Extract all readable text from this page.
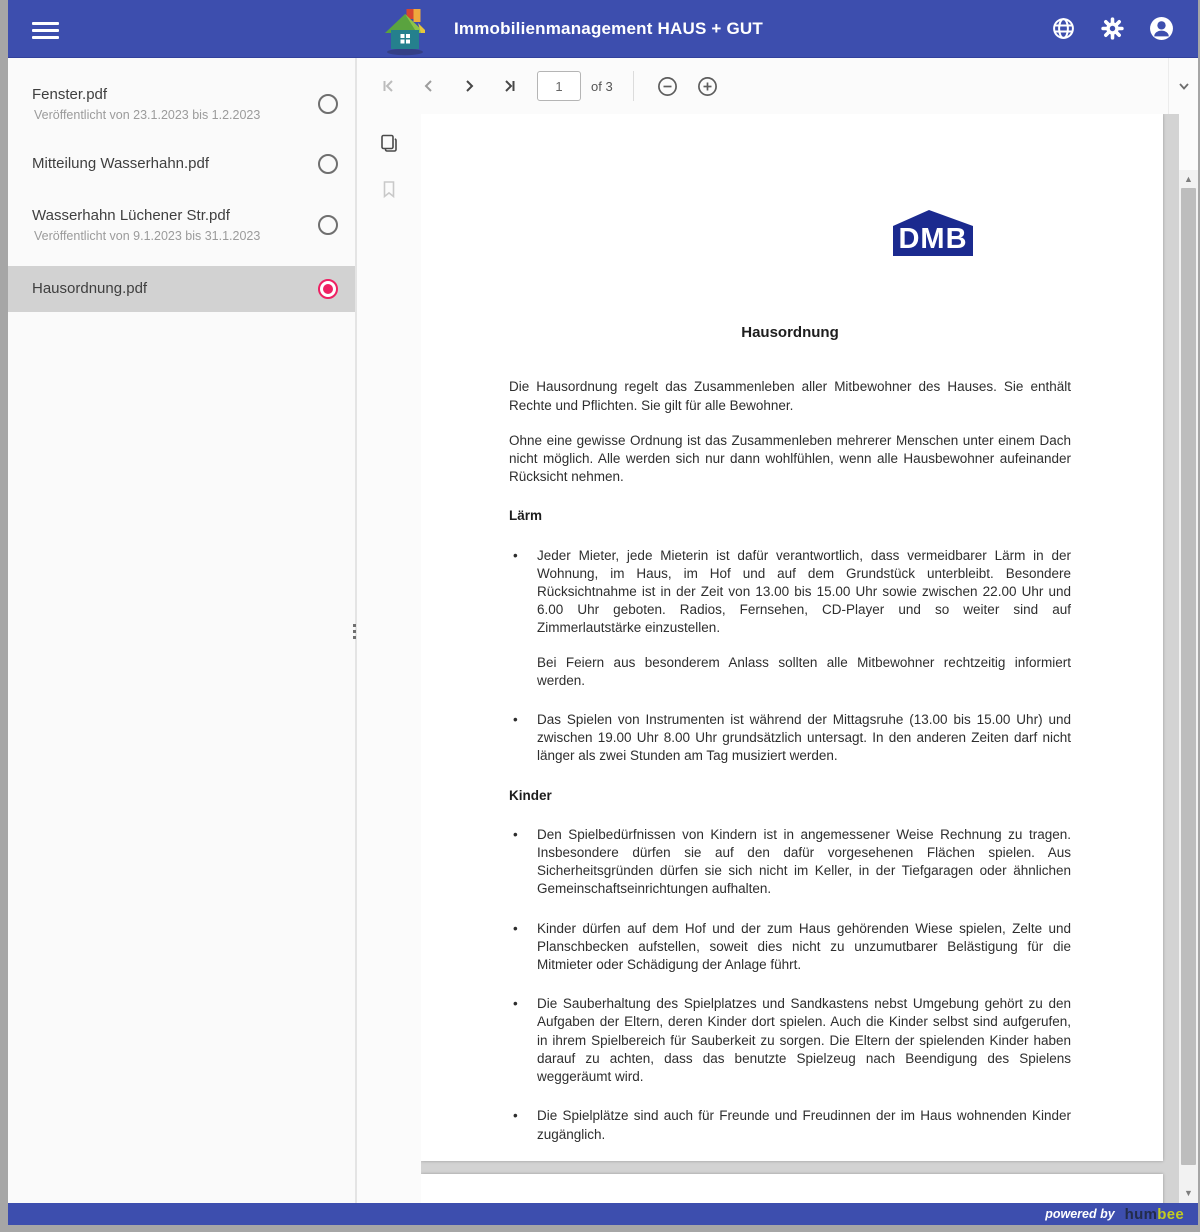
Immobilienmanagement HAUS + GUT
Fenster.pdf
Veröffentlicht von 23.1.2023 bis 1.2.2023
Mitteilung Wasserhahn.pdf
Wasserhahn Lüchener Str.pdf
Veröffentlicht von 9.1.2023 bis 31.1.2023
Hausordnung.pdf
1
of 3
DMB
Hausordnung

Die Hausordnung regelt das Zusammenleben aller Mitbewohner des Hauses. Sie enthält Rechte und Pflichten. Sie gilt für alle Bewohner.

Ohne eine gewisse Ordnung ist das Zusammenleben mehrerer Menschen unter einem Dach nicht möglich. Alle werden sich nur dann wohlfühlen, wenn alle Hausbewohner aufeinander Rücksicht nehmen.

Lärm
• Jeder Mieter, jede Mieterin ist dafür verantwortlich, dass vermeidbarer Lärm in der Wohnung, im Haus, im Hof und auf dem Grundstück unterbleibt. Besondere Rücksichtnahme ist in der Zeit von 13.00 bis 15.00 Uhr sowie zwischen 22.00 Uhr und 6.00 Uhr geboten. Radios, Fernsehen, CD-Player und so weiter sind auf Zimmerlautstärke einzustellen.

Bei Feiern aus besonderem Anlass sollten alle Mitbewohner rechtzeitig informiert werden.

• Das Spielen von Instrumenten ist während der Mittagsruhe (13.00 bis 15.00 Uhr) und zwischen 19.00 Uhr 8.00 Uhr grundsätzlich untersagt. In den anderen Zeiten darf nicht länger als zwei Stunden am Tag musiziert werden.
Kinder
• Den Spielbedürfnissen von Kindern ist in angemessener Weise Rechnung zu tragen. Insbesondere dürfen sie auf den dafür vorgesehenen Flächen spielen. Aus Sicherheitsgründen dürfen sie sich nicht im Keller, in der Tiefgaragen oder ähnlichen Gemeinschaftseinrichtungen aufhalten.
• Kinder dürfen auf dem Hof und der zum Haus gehörenden Wiese spielen, Zelte und Planschbecken aufstellen, soweit dies nicht zu unzumutbarer Belästigung für die Mitmieter oder Schädigung der Anlage führt.
• Die Sauberhaltung des Spielplatzes und Sandkastens nebst Umgebung gehört zu den Aufgaben der Eltern, deren Kinder dort spielen. Auch die Kinder selbst sind aufgerufen, in ihrem Spielbereich für Sauberkeit zu sorgen. Die Eltern der spielenden Kinder haben darauf zu achten, dass das benutzte Spielzeug nach Beendigung des Spielens weggeräumt wird.
• Die Spielplätze sind auch für Freunde und Freudinnen der im Haus wohnenden Kinder zugänglich.
▲
▼
powered by humbee
